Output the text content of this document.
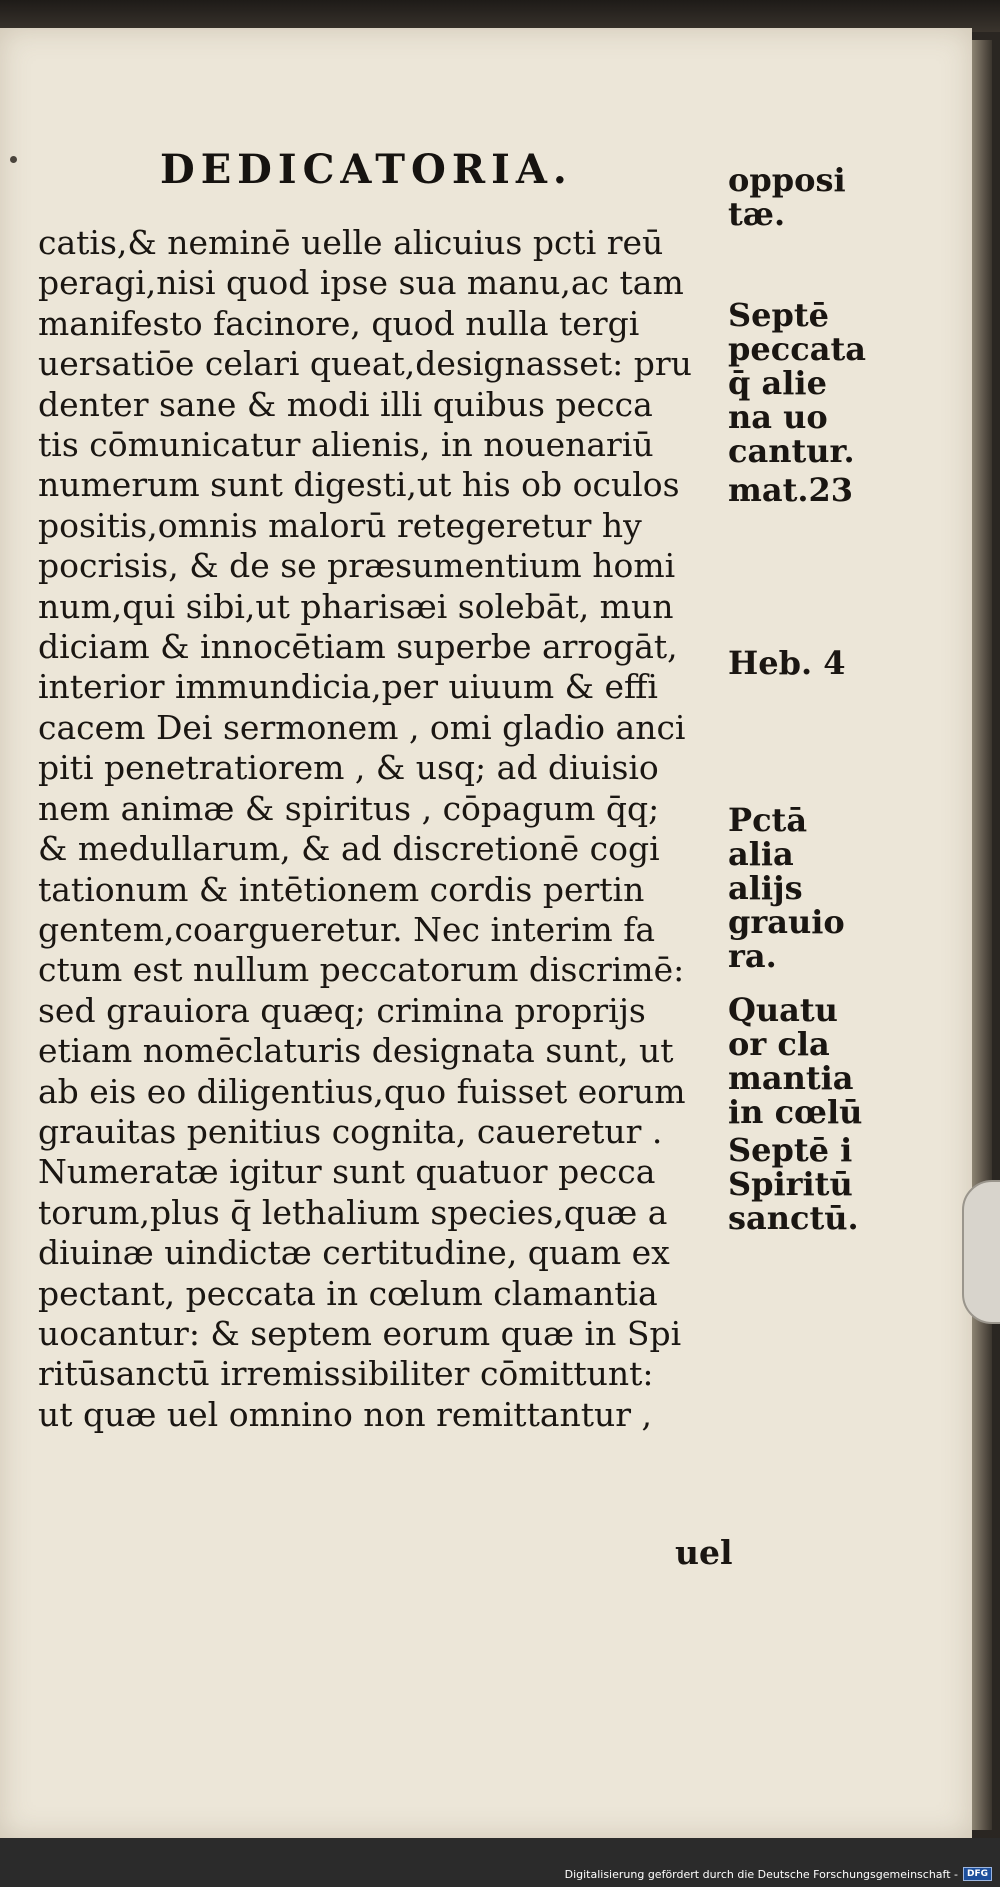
DEDICATORIA.
catis,& neminē uelle alicuius pcti reū
peragi,nisi quod ipse sua manu,ac tam
manifesto facinore, quod nulla tergi
uersatiōe celari queat,designasset: pru
denter sane & modi illi quibus pecca
tis cōmunicatur alienis, in nouenariū
numerum sunt digesti,ut his ob oculos
positis,omnis malorū retegeretur hy
pocrisis, & de se præsumentium homi
num,qui sibi,ut pharisæi solebāt, mun
diciam & innocētiam superbe arrogāt,
interior immundicia,per uiuum & effi
cacem Dei sermonem , omi gladio anci
piti penetratiorem , & usq; ad diuisio
nem animæ & spiritus , cōpagum q̄q;
& medullarum, & ad discretionē cogi
tationum & intētionem cordis pertin
gentem,coargueretur. Nec interim fa
ctum est nullum peccatorum discrimē:
sed grauiora quæq; crimina proprijs
etiam nomēclaturis designata sunt, ut
ab eis eo diligentius,quo fuisset eorum
grauitas penitius cognita, caueretur .
Numeratæ igitur sunt quatuor pecca
torum,plus q̄ lethalium species,quæ a
diuinæ uindictæ certitudine, quam ex
pectant, peccata in cœlum clamantia
uocantur: & septem eorum quæ in Spi
ritūsanctū irremissibiliter cōmittunt:
ut quæ uel omnino non remittantur ,
opposi
tæ.
Septē
peccata
q̄ alie
na uo
cantur.
mat.23
Heb. 4
Pctā
alia
alijs
grauio
ra.
Quatu
or cla
mantia
in cœlū
Septē i
Spiritū
sanctū.
uel
Digitalisierung gefördert durch die Deutsche Forschungsgemeinschaft -	DFG
